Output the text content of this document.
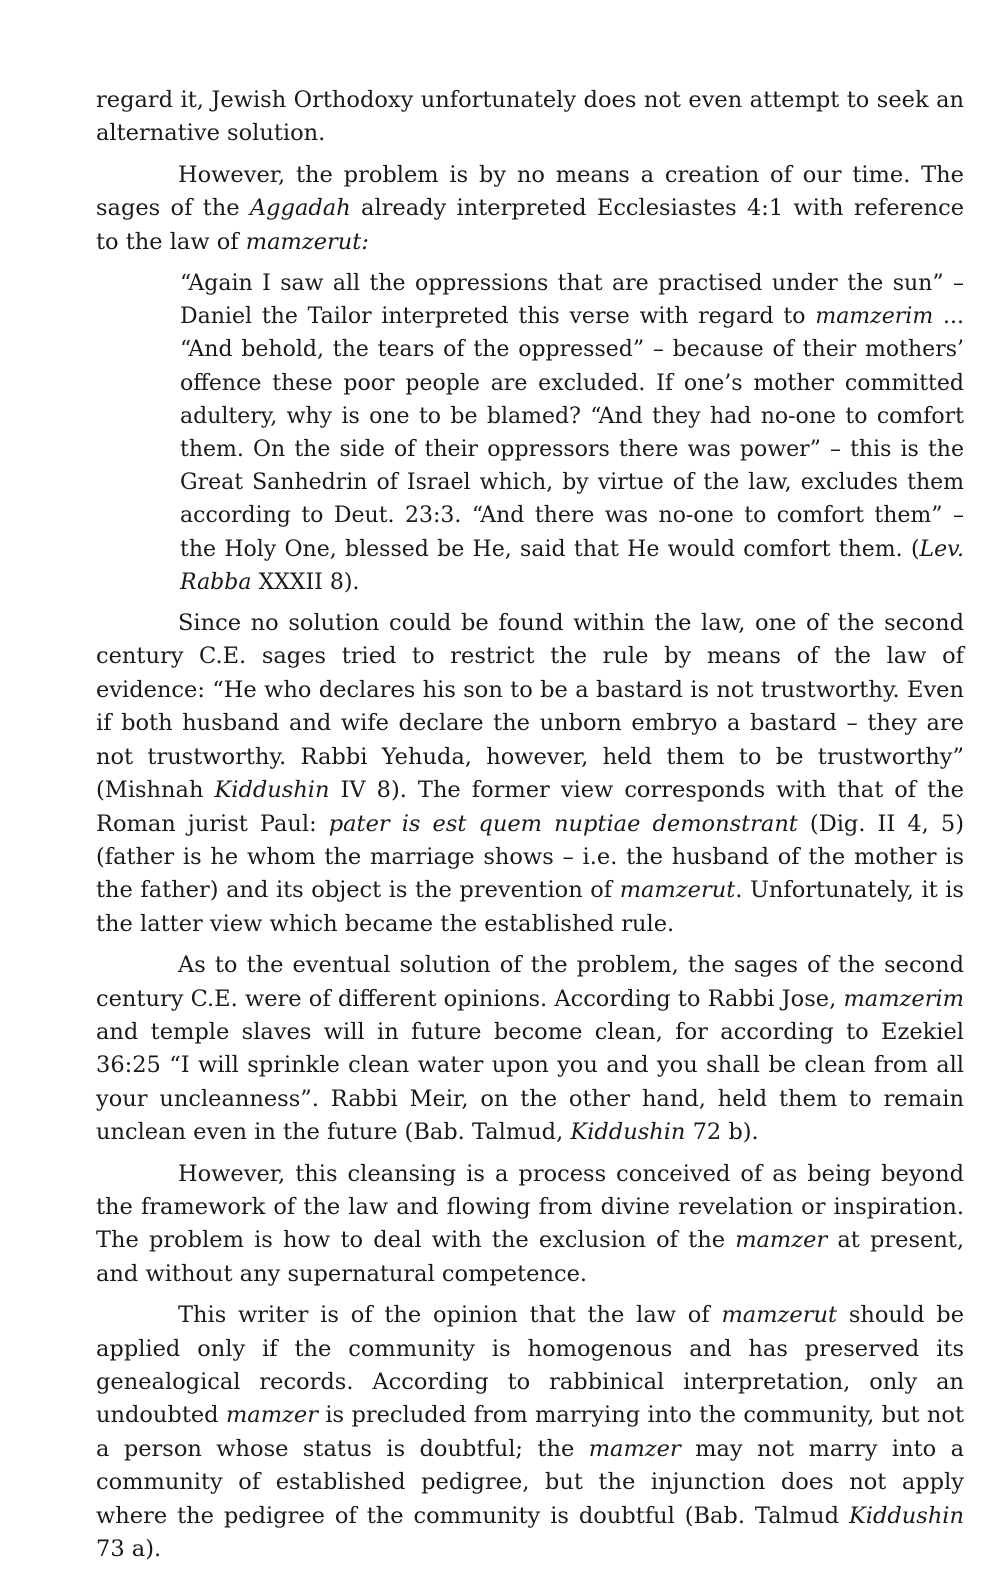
regard it, Jewish Orthodoxy unfortunately does not even attempt to seek an alternative solution.

However, the problem is by no means a creation of our time. The sages of the Aggadah already interpreted Ecclesiastes 4:1 with reference to the law of mamzerut:

“Again I saw all the oppressions that are practised under the sun” – Daniel the Tailor interpreted this verse with regard to mamzerim ... “And behold, the tears of the oppressed” – because of their mothers’ offence these poor people are excluded. If one’s mother committed adultery, why is one to be blamed? “And they had no-one to comfort them. On the side of their oppressors there was power” – this is the Great Sanhedrin of Israel which, by virtue of the law, excludes them according to Deut. 23:3. “And there was no-one to comfort them” – the Holy One, blessed be He, said that He would comfort them. (Lev. Rabba XXXII 8).

Since no solution could be found within the law, one of the second century C.E. sages tried to restrict the rule by means of the law of evidence: “He who declares his son to be a bastard is not trustworthy. Even if both husband and wife declare the unborn embryo a bastard – they are not trustworthy. Rabbi Yehuda, however, held them to be trustworthy” (Mishnah Kiddushin IV 8). The former view corresponds with that of the Roman jurist Paul: pater is est quem nuptiae demonstrant (Dig. II 4, 5) (father is he whom the marriage shows – i.e. the husband of the mother is the father) and its object is the prevention of mamzerut. Unfortunately, it is the latter view which became the established rule.

As to the eventual solution of the problem, the sages of the second century C.E. were of different opinions. According to Rabbi Jose, mamzerim and temple slaves will in future become clean, for according to Ezekiel 36:25 “I will sprinkle clean water upon you and you shall be clean from all your uncleanness”. Rabbi Meir, on the other hand, held them to remain unclean even in the future (Bab. Talmud, Kiddushin 72 b).

However, this cleansing is a process conceived of as being beyond the framework of the law and flowing from divine revelation or inspiration. The problem is how to deal with the exclusion of the mamzer at present, and without any supernatural competence.

This writer is of the opinion that the law of mamzerut should be applied only if the community is homogenous and has preserved its genealogical records. According to rabbinical interpretation, only an undoubted mamzer is precluded from marrying into the community, but not a person whose status is doubtful; the mamzer may not marry into a community of established pedigree, but the injunction does not apply where the pedigree of the community is doubtful (Bab. Talmud Kiddushin 73 a).
